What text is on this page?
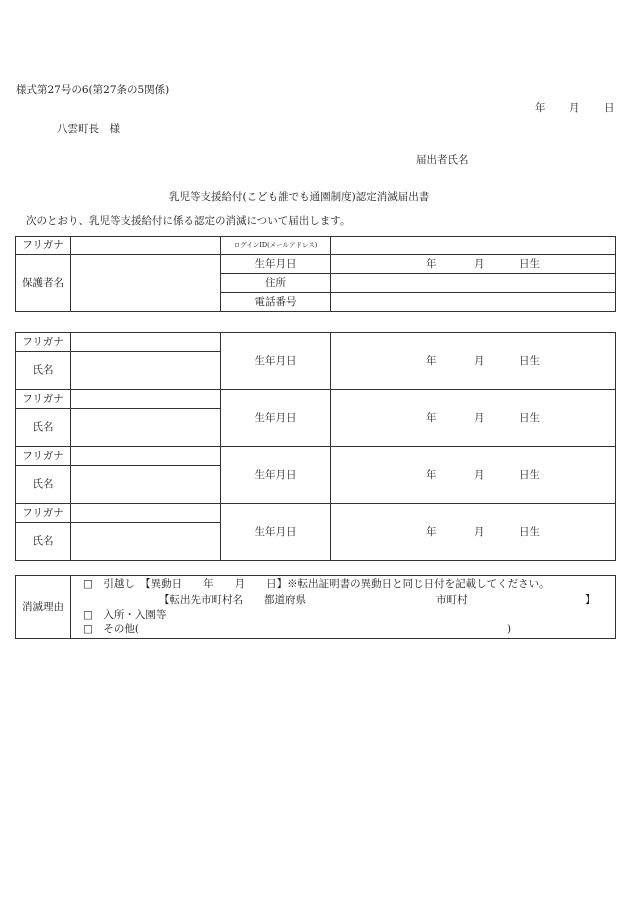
様式第27号の6(第27条の5関係)
年 月 日
八雲町長　様
届出者氏名
乳児等支援給付(こども誰でも通園制度)認定消滅届出書
次のとおり、乳児等支援給付に係る認定の消滅について届出します。
フリガナ		ログインID(メールアドレス)	
保護者名		生年月日	年 月 日生

		住所	
		電話番号	
フリガナ		生年月日	年 月 日生

氏名			
フリガナ		生年月日	年 月 日生

氏名			
フリガナ		生年月日	年 月 日生

氏名			
フリガナ		生年月日	年 月 日生

氏名			
消滅理由	
□　引越し　【異動日　　年　　月　　日】※転出証明書の異動日と同じ日付を記載してください。
【転出先市町村名　　都道府県	市町村	】
□　入所・入園等
□　その他(	)
